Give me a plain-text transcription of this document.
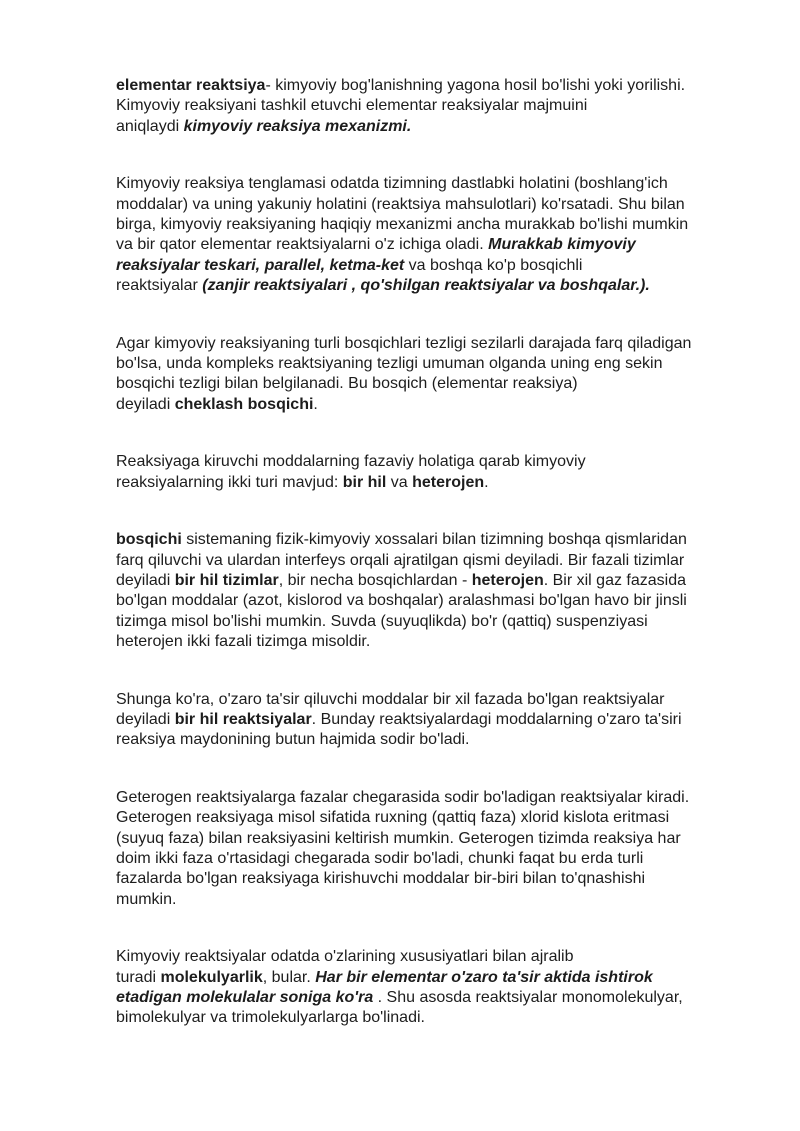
elementar reaktsiya- kimyoviy bog'lanishning yagona hosil bo'lishi yoki yorilishi.
Kimyoviy reaksiyani tashkil etuvchi elementar reaksiyalar majmuini
aniqlaydi kimyoviy reaksiya mexanizmi.

Kimyoviy reaksiya tenglamasi odatda tizimning dastlabki holatini (boshlang'ich
moddalar) va uning yakuniy holatini (reaktsiya mahsulotlari) ko'rsatadi. Shu bilan
birga, kimyoviy reaksiyaning haqiqiy mexanizmi ancha murakkab bo'lishi mumkin
va bir qator elementar reaktsiyalarni o'z ichiga oladi. Murakkab kimyoviy
reaksiyalar teskari, parallel, ketma-ket va boshqa ko'p bosqichli
reaktsiyalar (zanjir reaktsiyalari , qo'shilgan reaktsiyalar va boshqalar.).

Agar kimyoviy reaksiyaning turli bosqichlari tezligi sezilarli darajada farq qiladigan
bo'lsa, unda kompleks reaktsiyaning tezligi umuman olganda uning eng sekin
bosqichi tezligi bilan belgilanadi. Bu bosqich (elementar reaksiya)
deyiladi cheklash bosqichi.

Reaksiyaga kiruvchi moddalarning fazaviy holatiga qarab kimyoviy
reaksiyalarning ikki turi mavjud: bir hil va heterojen.

bosqichi sistemaning fizik-kimyoviy xossalari bilan tizimning boshqa qismlaridan
farq qiluvchi va ulardan interfeys orqali ajratilgan qismi deyiladi. Bir fazali tizimlar
deyiladi bir hil tizimlar, bir necha bosqichlardan - heterojen. Bir xil gaz fazasida
bo'lgan moddalar (azot, kislorod va boshqalar) aralashmasi bo'lgan havo bir jinsli
tizimga misol bo'lishi mumkin. Suvda (suyuqlikda) bo'r (qattiq) suspenziyasi
heterojen ikki fazali tizimga misoldir.

Shunga ko'ra, o'zaro ta'sir qiluvchi moddalar bir xil fazada bo'lgan reaktsiyalar
deyiladi bir hil reaktsiyalar. Bunday reaktsiyalardagi moddalarning o'zaro ta'siri
reaksiya maydonining butun hajmida sodir bo'ladi.

Geterogen reaktsiyalarga fazalar chegarasida sodir bo'ladigan reaktsiyalar kiradi.
Geterogen reaksiyaga misol sifatida ruxning (qattiq faza) xlorid kislota eritmasi
(suyuq faza) bilan reaksiyasini keltirish mumkin. Geterogen tizimda reaksiya har
doim ikki faza o'rtasidagi chegarada sodir bo'ladi, chunki faqat bu erda turli
fazalarda bo'lgan reaksiyaga kirishuvchi moddalar bir-biri bilan to'qnashishi
mumkin.

Kimyoviy reaktsiyalar odatda o'zlarining xususiyatlari bilan ajralib
turadi molekulyarlik, bular. Har bir elementar o'zaro ta'sir aktida ishtirok
etadigan molekulalar soniga ko'ra . Shu asosda reaktsiyalar monomolekulyar,
bimolekulyar va trimolekulyarlarga bo'linadi.
